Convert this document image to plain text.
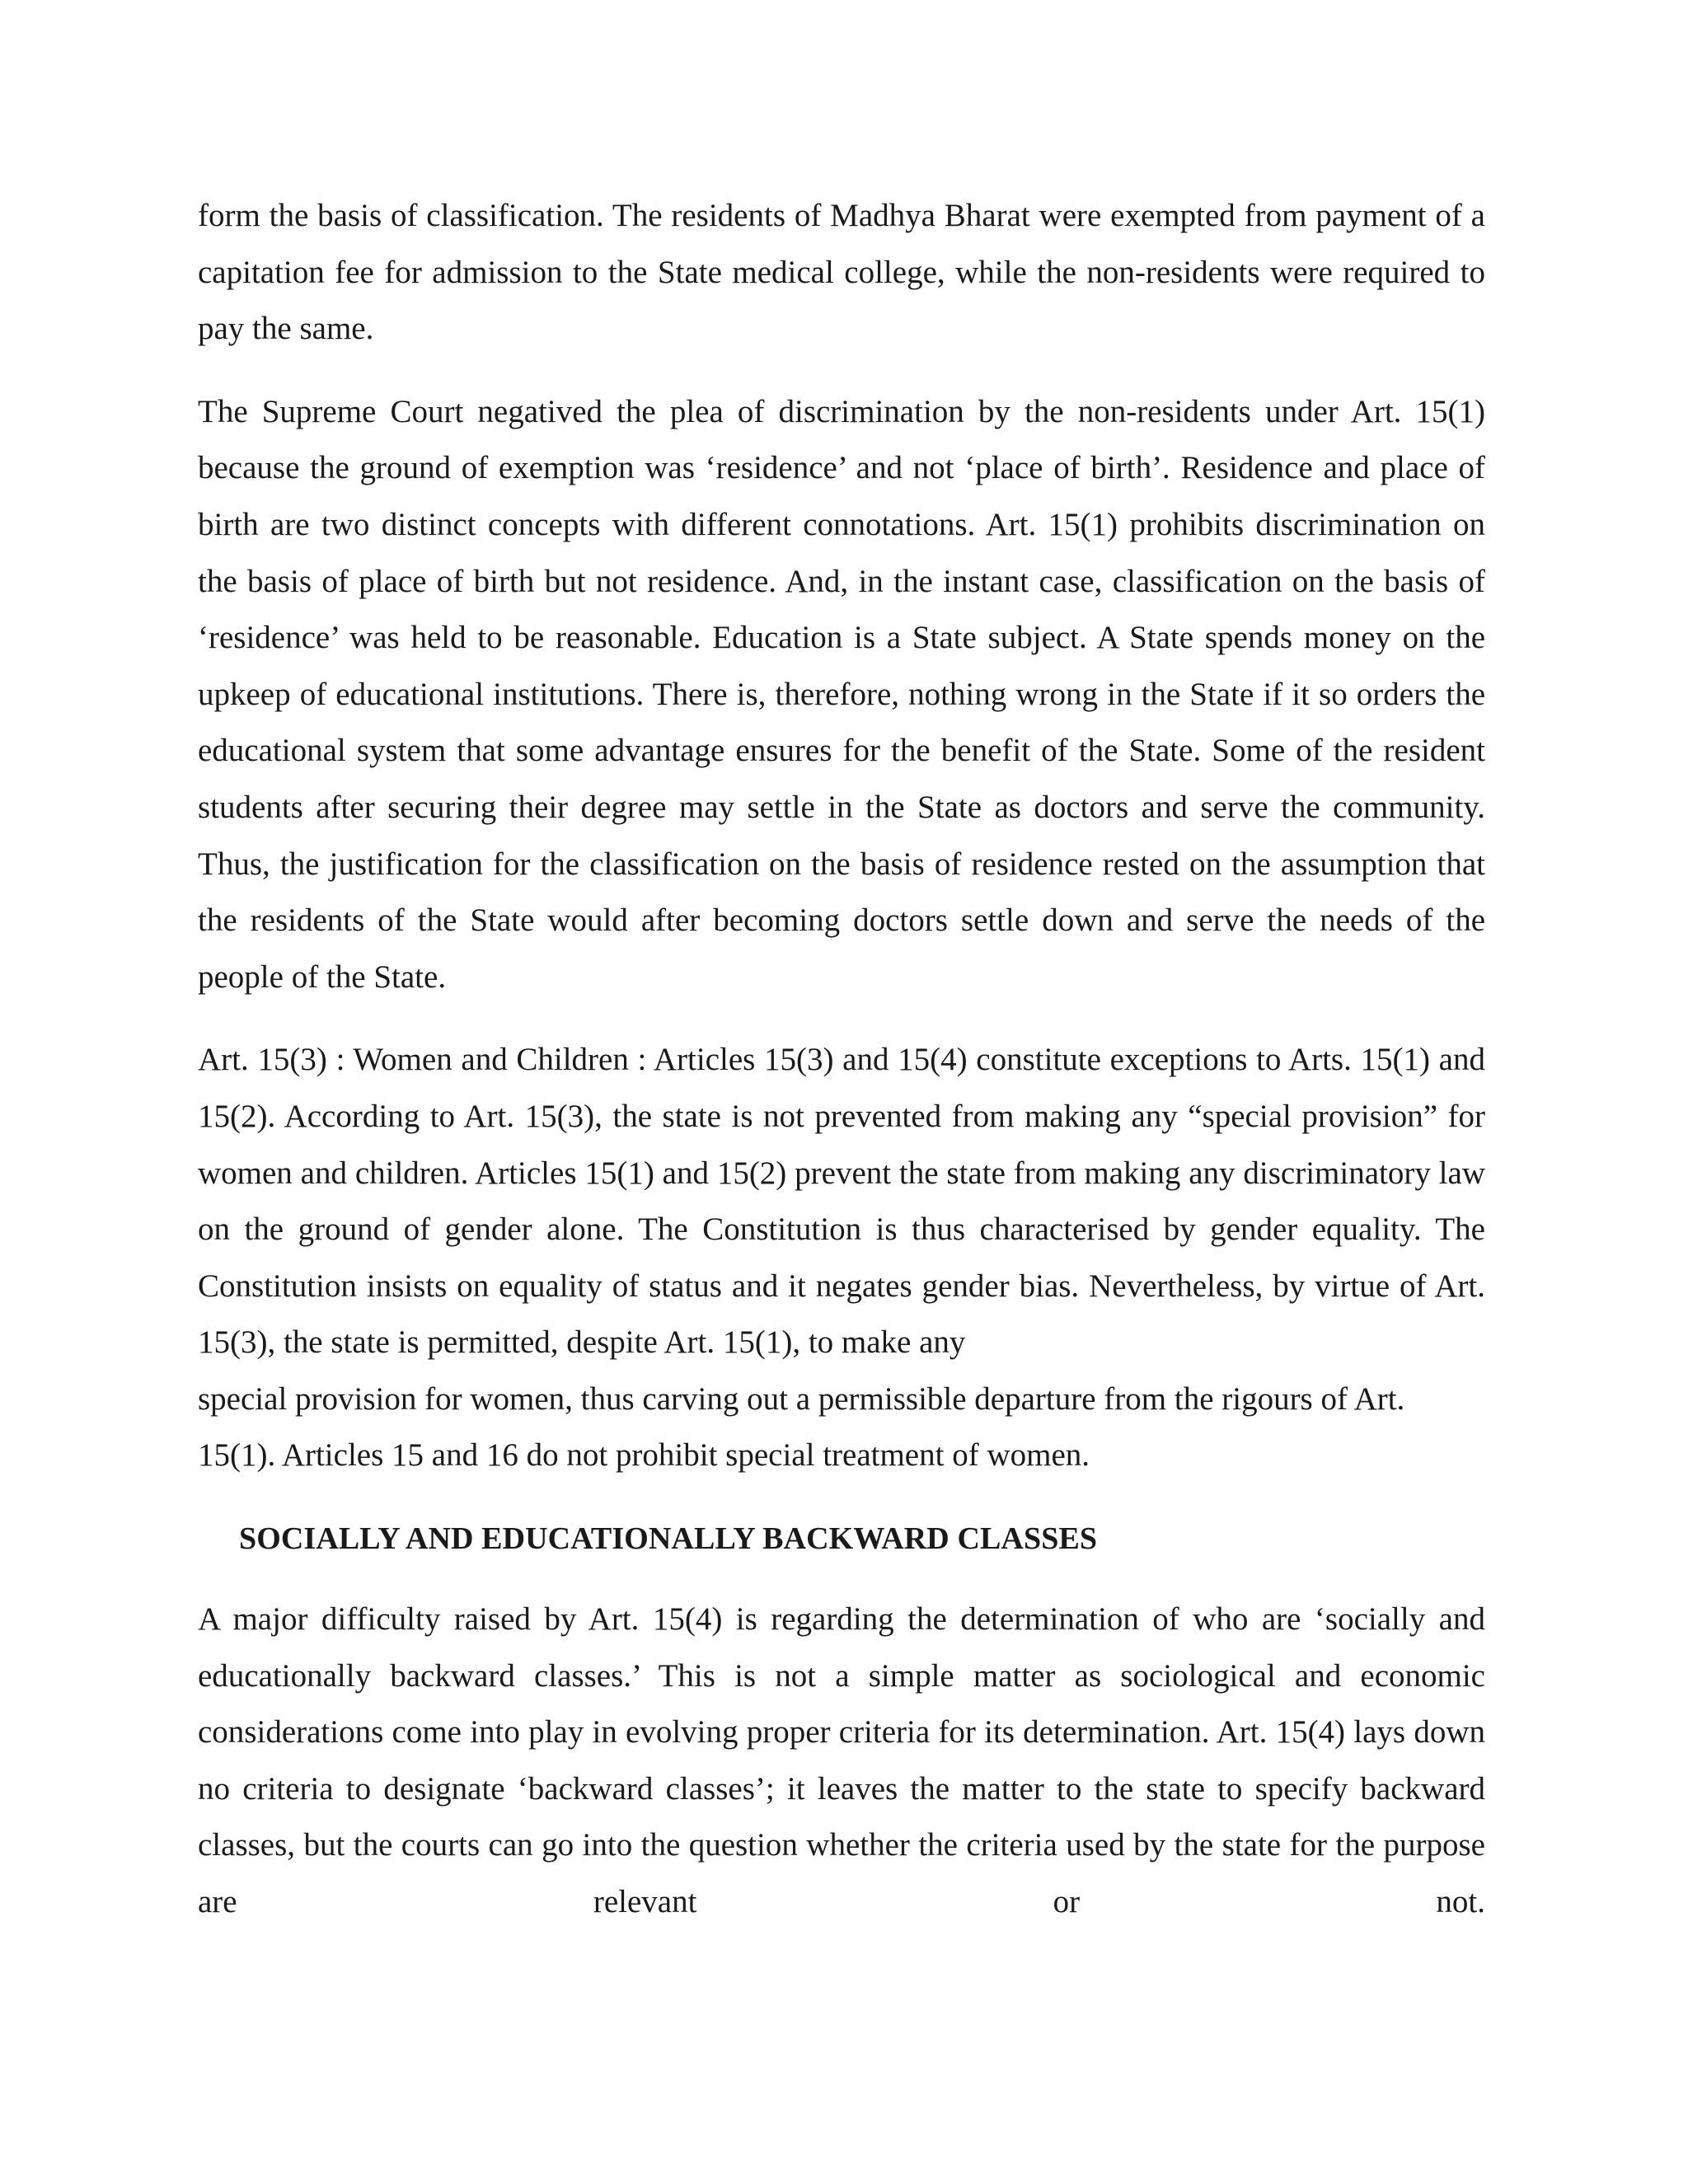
form the basis of classification. The residents of Madhya Bharat were exempted from payment of a capitation fee for admission to the State medical college, while the non-residents were required to pay the same.

The Supreme Court negatived the plea of discrimination by the non-residents under Art. 15(1) because the ground of exemption was ‘residence’ and not ‘place of birth’. Residence and place of birth are two distinct concepts with different connotations. Art. 15(1) prohibits discrimination on the basis of place of birth but not residence. And, in the instant case, classification on the basis of ‘residence’ was held to be reasonable. Education is a State subject. A State spends money on the upkeep of educational institutions. There is, therefore, nothing wrong in the State if it so orders the educational system that some advantage ensures for the benefit of the State. Some of the resident students after securing their degree may settle in the State as doctors and serve the community. Thus, the justification for the classification on the basis of residence rested on the assumption that the residents of the State would after becoming doctors settle down and serve the needs of the people of the State.

Art. 15(3) : Women and Children : Articles 15(3) and 15(4) constitute exceptions to Arts. 15(1) and 15(2). According to Art. 15(3), the state is not prevented from making any “special provision” for women and children. Articles 15(1) and 15(2) prevent the state from making any discriminatory law on the ground of gender alone. The Constitution is thus characterised by gender equality. The Constitution insists on equality of status and it negates gender bias. Nevertheless, by virtue of Art. 15(3), the state is permitted, despite Art. 15(1), to make any
special provision for women, thus carving out a permissible departure from the rigours of Art.
15(1). Articles 15 and 16 do not prohibit special treatment of women.
SOCIALLY AND EDUCATIONALLY BACKWARD CLASSES

A major difficulty raised by Art. 15(4) is regarding the determination of who are ‘socially and educationally backward classes.’ This is not a simple matter as sociological and economic considerations come into play in evolving proper criteria for its determination. Art. 15(4) lays down no criteria to designate ‘backward classes’; it leaves the matter to the state to specify backward classes, but the courts can go into the question whether the criteria used by the state for the purpose are relevant or not.
